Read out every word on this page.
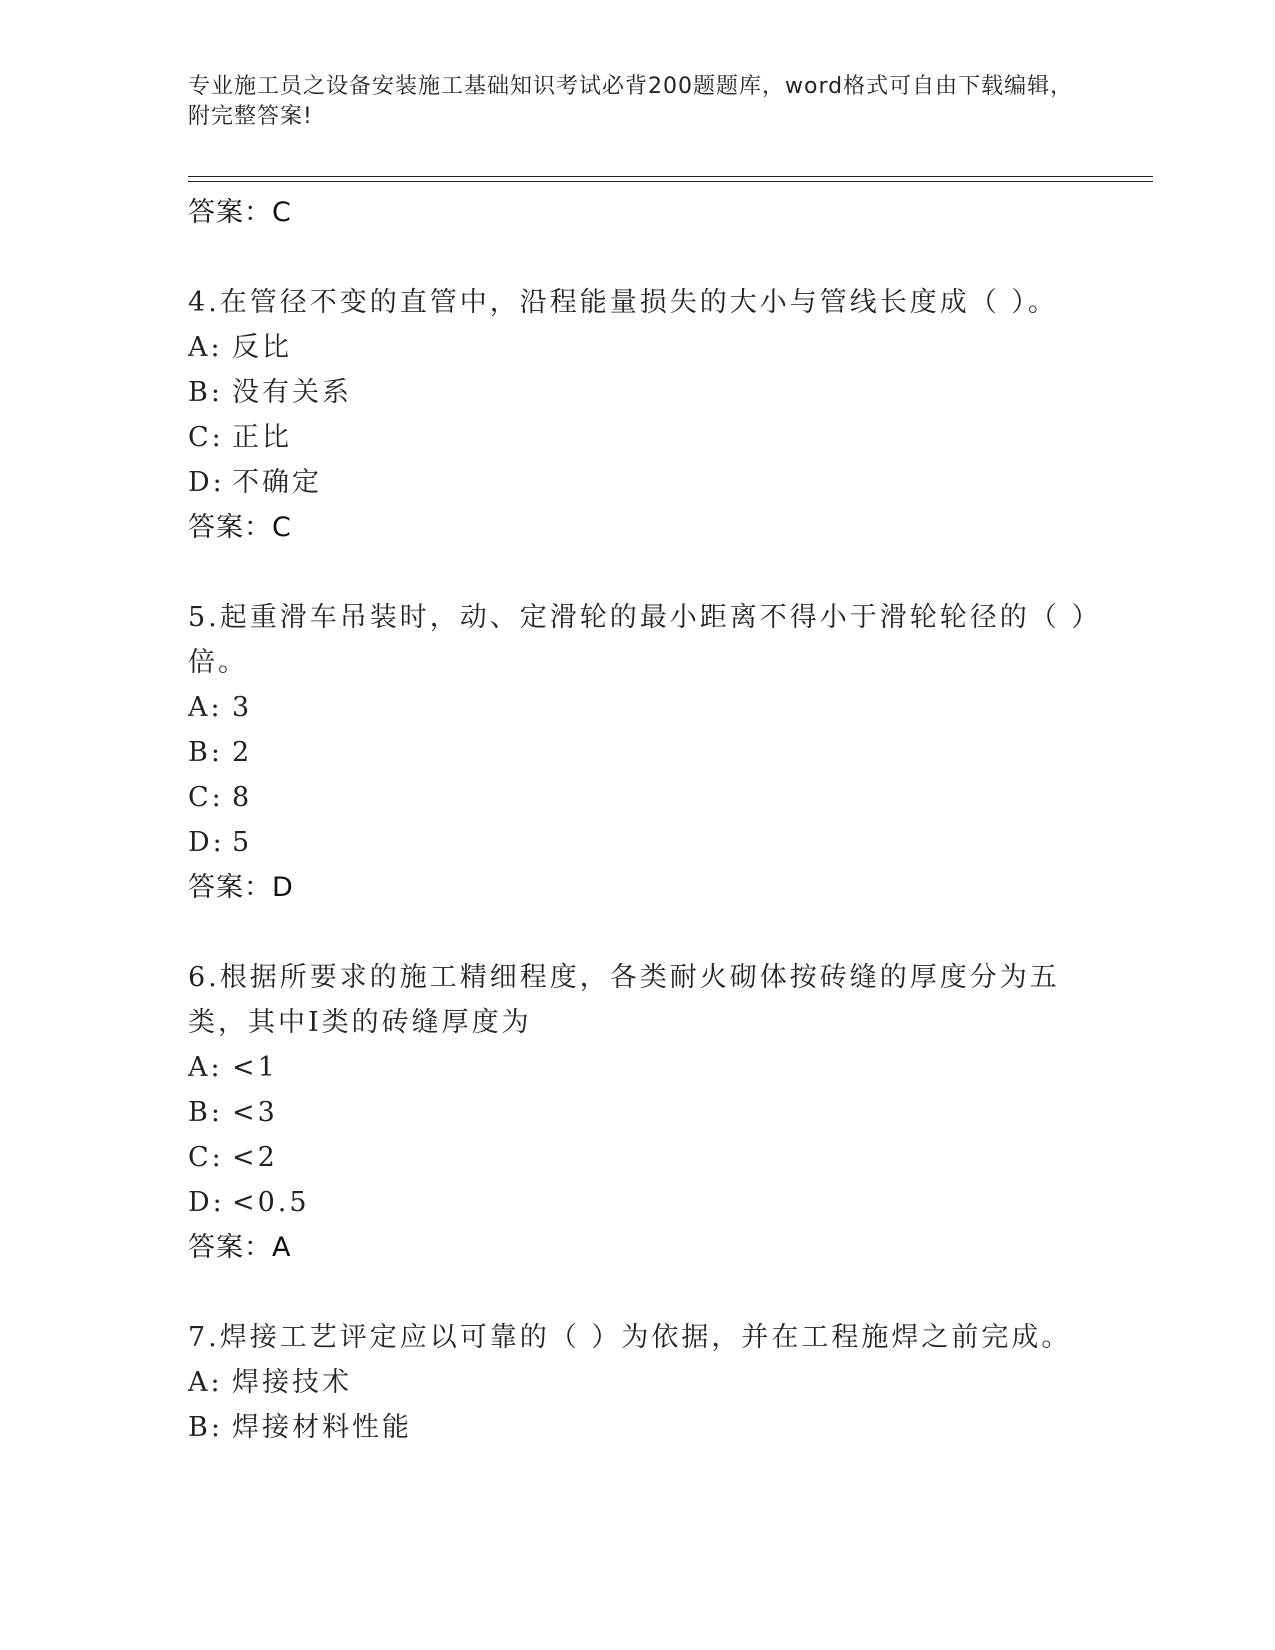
专业施工员之设备安装施工基础知识考试必背200题题库，word格式可自由下载编辑，附完整答案!
答案：C
4.在管径不变的直管中，沿程能量损失的大小与管线长度成（ ）。
A: 反比
B: 没有关系
C: 正比
D: 不确定
答案：C
5.起重滑车吊装时，动、定滑轮的最小距离不得小于滑轮轮径的（ ）倍。
A: 3
B: 2
C: 8
D: 5
答案：D
6.根据所要求的施工精细程度，各类耐火砌体按砖缝的厚度分为五类，其中I类的砖缝厚度为
A: <1
B: <3
C: <2
D: <0.5
答案：A
7.焊接工艺评定应以可靠的（ ）为依据，并在工程施焊之前完成。
A: 焊接技术
B: 焊接材料性能
